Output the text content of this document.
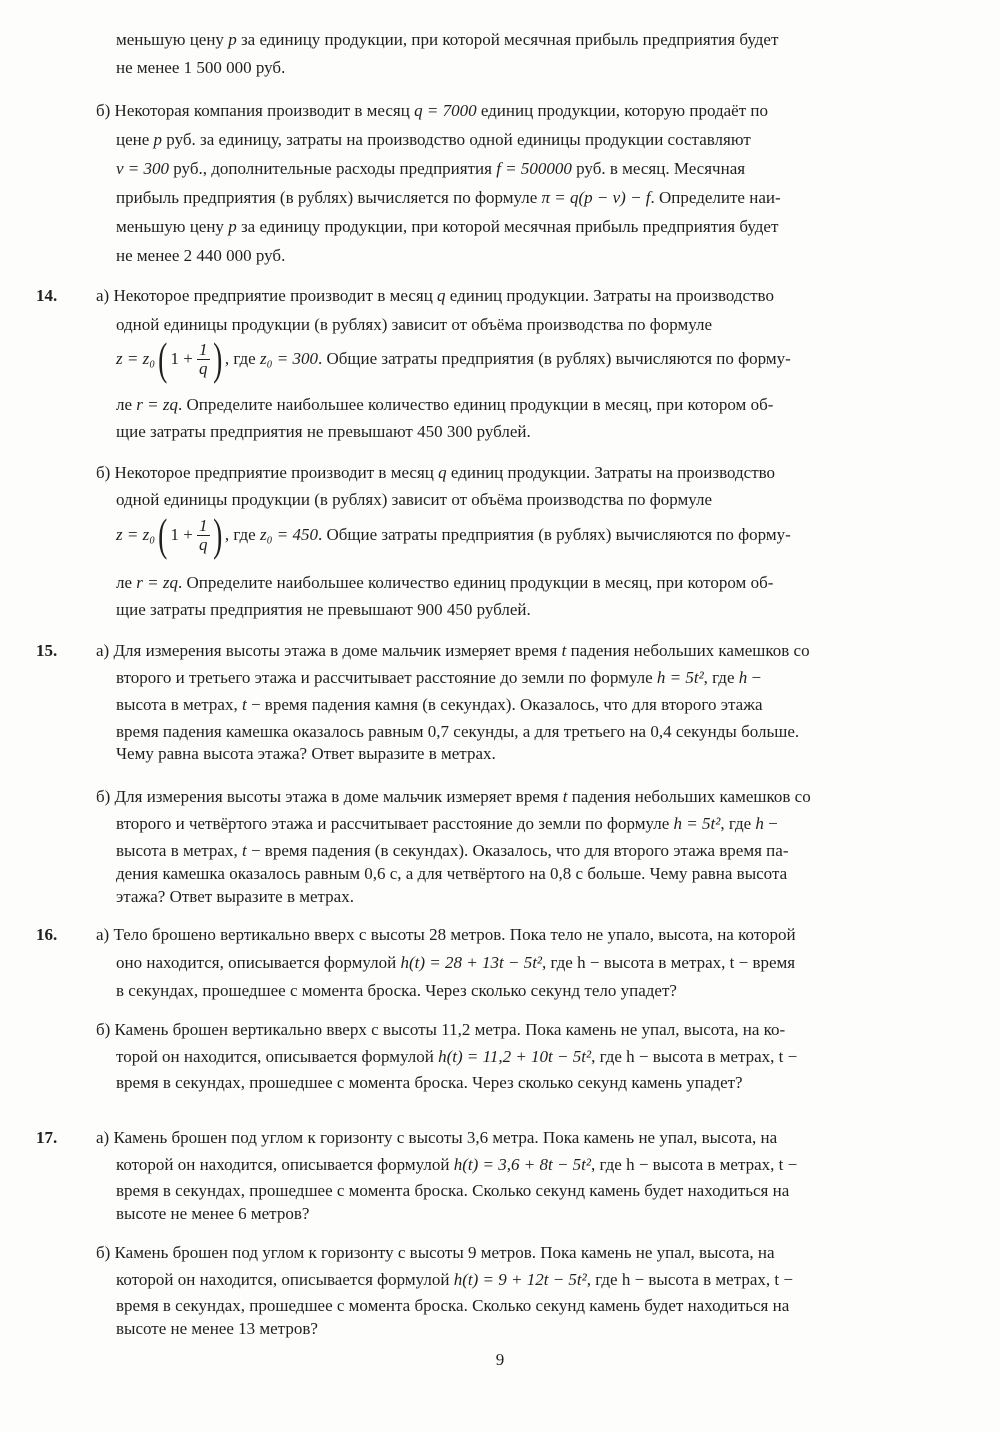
меньшую цену p за единицу продукции, при которой месячная прибыль предприятия будет
не менее 1 500 000 руб.
б) Некоторая компания производит в месяц q = 7000 единиц продукции, которую продаёт по
цене p руб. за единицу, затраты на производство одной единицы продукции составляют
v = 300 руб., дополнительные расходы предприятия f = 500000 руб. в месяц. Месячная
прибыль предприятия (в рублях) вычисляется по формуле π = q(p − v) − f. Определите наи-
меньшую цену p за единицу продукции, при которой месячная прибыль предприятия будет
не менее 2 440 000 руб.
14. а) Некоторое предприятие производит в месяц q единиц продукции. Затраты на производство
одной единицы продукции (в рублях) зависит от объёма производства по формуле
z = z₀( $1 + \frac{1}{q}$ ) , где z₀ = 300. Общие затраты предприятия (в рублях) вычисляются по форму-
ле r = zq. Определите наибольшее количество единиц продукции в месяц, при котором об-
щие затраты предприятия не превышают 450 300 рублей.
б) Некоторое предприятие производит в месяц q единиц продукции. Затраты на производство
одной единицы продукции (в рублях) зависит от объёма производства по формуле
z = z₀( $1 + \frac{1}{q}$ ) , где z₀ = 450. Общие затраты предприятия (в рублях) вычисляются по форму-
ле r = zq. Определите наибольшее количество единиц продукции в месяц, при котором об-
щие затраты предприятия не превышают 900 450 рублей.
15. а) Для измерения высоты этажа в доме мальчик измеряет время t падения небольших камешков со
второго и третьего этажа и рассчитывает расстояние до земли по формуле h = 5t², где h −
высота в метрах, t − время падения камня (в секундах). Оказалось, что для второго этажа
время падения камешка оказалось равным 0,7 секунды, а для третьего на 0,4 секунды больше.
Чему равна высота этажа? Ответ выразите в метрах.
б) Для измерения высоты этажа в доме мальчик измеряет время t падения небольших камешков со
второго и четвёртого этажа и рассчитывает расстояние до земли по формуле h = 5t², где h −
высота в метрах, t − время падения (в секундах). Оказалось, что для второго этажа время па-
дения камешка оказалось равным 0,6 с, а для четвёртого на 0,8 с больше. Чему равна высота
этажа? Ответ выразите в метрах.
16. а) Тело брошено вертикально вверх с высоты 28 метров. Пока тело не упало, высота, на которой
оно находится, описывается формулой h(t) = 28 + 13t − 5t², где h − высота в метрах, t − время
в секундах, прошедшее с момента броска. Через сколько секунд тело упадет?
б) Камень брошен вертикально вверх с высоты 11,2 метра. Пока камень не упал, высота, на ко-
торой он находится, описывается формулой h(t) = 11,2 + 10t − 5t², где h − высота в метрах, t −
время в секундах, прошедшее с момента броска. Через сколько секунд камень упадет?
17. а) Камень брошен под углом к горизонту с высоты 3,6 метра. Пока камень не упал, высота, на
которой он находится, описывается формулой h(t) = 3,6 + 8t − 5t², где h − высота в метрах, t −
время в секундах, прошедшее с момента броска. Сколько секунд камень будет находиться на
высоте не менее 6 метров?
б) Камень брошен под углом к горизонту с высоты 9 метров. Пока камень не упал, высота, на
которой он находится, описывается формулой h(t) = 9 + 12t − 5t², где h − высота в метрах, t −
время в секундах, прошедшее с момента броска. Сколько секунд камень будет находиться на
высоте не менее 13 метров?
9
